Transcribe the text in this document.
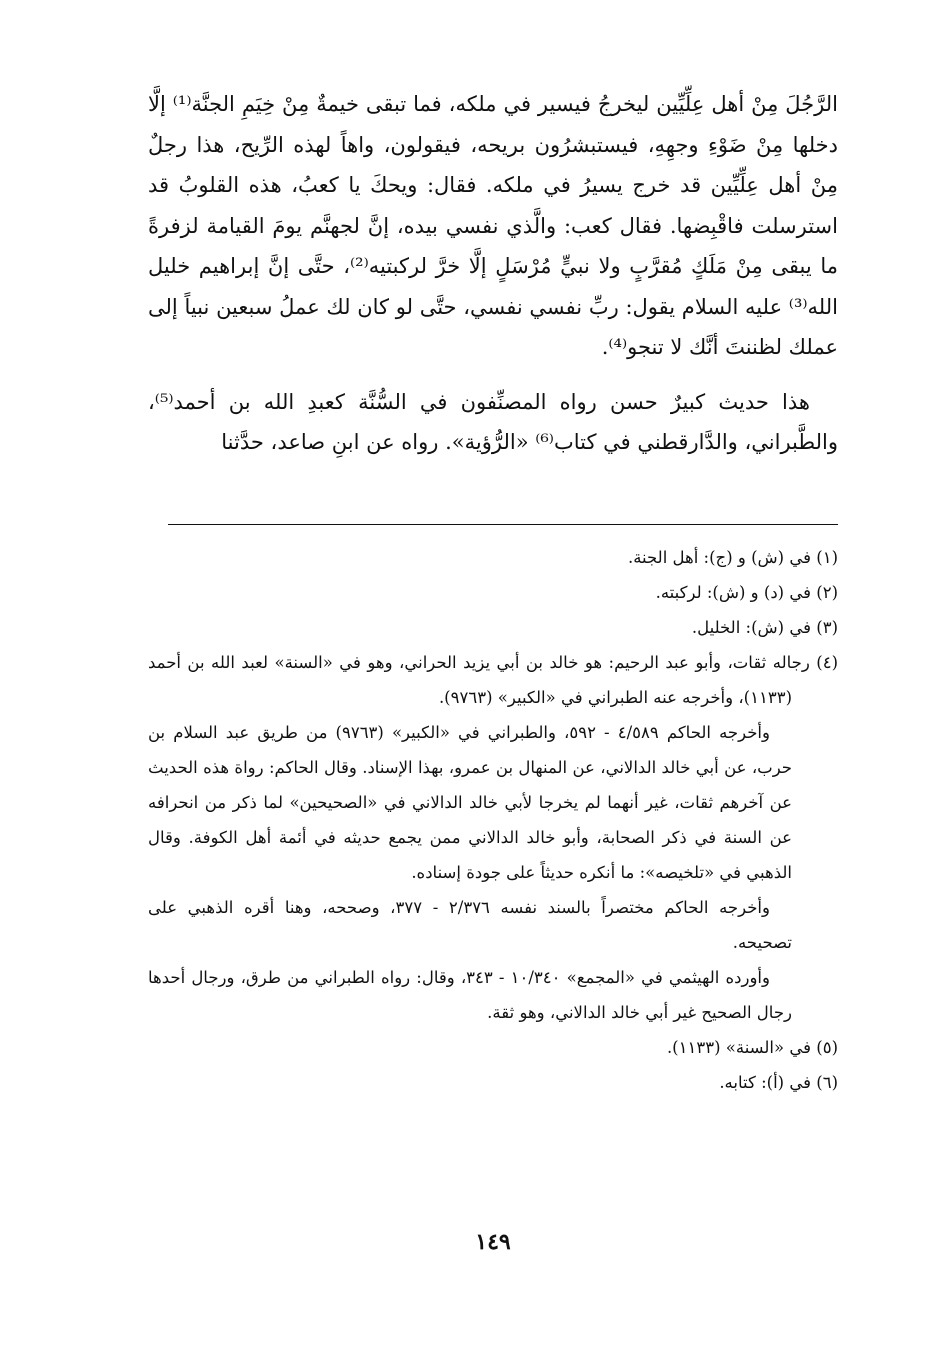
الرَّجُلَ مِنْ أهل عِلِّيِّين ليخرجُ فيسير في ملكه، فما تبقى خيمةٌ مِنْ خِيَمِ الجنَّة⁽¹⁾ إلَّا دخلها مِنْ ضَوْءِ وجهِهِ، فيستبشرُون بريحه، فيقولون، واهاً لهذه الرِّيح، هذا رجلٌ مِنْ أهل عِلِّيِّين قد خرج يسيرُ في ملكه. فقال: ويحكَ يا كعبُ، هذه القلوبُ قد استرسلت فاقْبِضها. فقال كعب: والَّذي نفسي بيده، إنَّ لجهنَّم يومَ القيامة لزفرةً ما يبقى مِنْ مَلَكٍ مُقرَّبٍ ولا نبيٍّ مُرْسَلٍ إلَّا خرَّ لركبتيه⁽²⁾، حتَّى إنَّ إبراهيم خليل الله⁽³⁾ عليه السلام يقول: ربِّ نفسي نفسي، حتَّى لو كان لك عملُ سبعين نبياً إلى عملك لظننتَ أنَّك لا تنجو⁽⁴⁾.

هذا حديث كبيرٌ حسن رواه المصنِّفون في السُّنَّة كعبدِ الله بن أحمد⁽⁵⁾، والطَّبراني، والدَّارقطني في كتاب⁽⁶⁾ «الرُّؤية». رواه عن ابنِ صاعد، حدَّثنا

(١) في (ش) و (ج): أهل الجنة.

(٢) في (د) و (ش): لركبته.

(٣) في (ش): الخليل.

(٤) رجاله ثقات، وأبو عبد الرحيم: هو خالد بن أبي يزيد الحراني، وهو في «السنة» لعبد الله بن أحمد (١١٣٣)، وأخرجه عنه الطبراني في «الكبير» (٩٧٦٣).

وأخرجه الحاكم ٤/٥٨٩ - ٥٩٢، والطبراني في «الكبير» (٩٧٦٣) من طريق عبد السلام بن حرب، عن أبي خالد الدالاني، عن المنهال بن عمرو، بهذا الإسناد. وقال الحاكم: رواة هذه الحديث عن آخرهم ثقات، غير أنهما لم يخرجا لأبي خالد الدالاني في «الصحيحين» لما ذكر من انحرافه عن السنة في ذكر الصحابة، وأبو خالد الدالاني ممن يجمع حديثه في أئمة أهل الكوفة. وقال الذهبي في «تلخيصه»: ما أنكره حديثاً على جودة إسناده.

وأخرجه الحاكم مختصراً بالسند نفسه ٢/٣٧٦ - ٣٧٧، وصححه، وهنا أقره الذهبي على تصحيحه.

وأورده الهيثمي في «المجمع» ١٠/٣٤٠ - ٣٤٣، وقال: رواه الطبراني من طرق، ورجال أحدها رجال الصحيح غير أبي خالد الدالاني، وهو ثقة.

(٥) في «السنة» (١١٣٣).

(٦) في (أ): كتابه.

١٤٩
